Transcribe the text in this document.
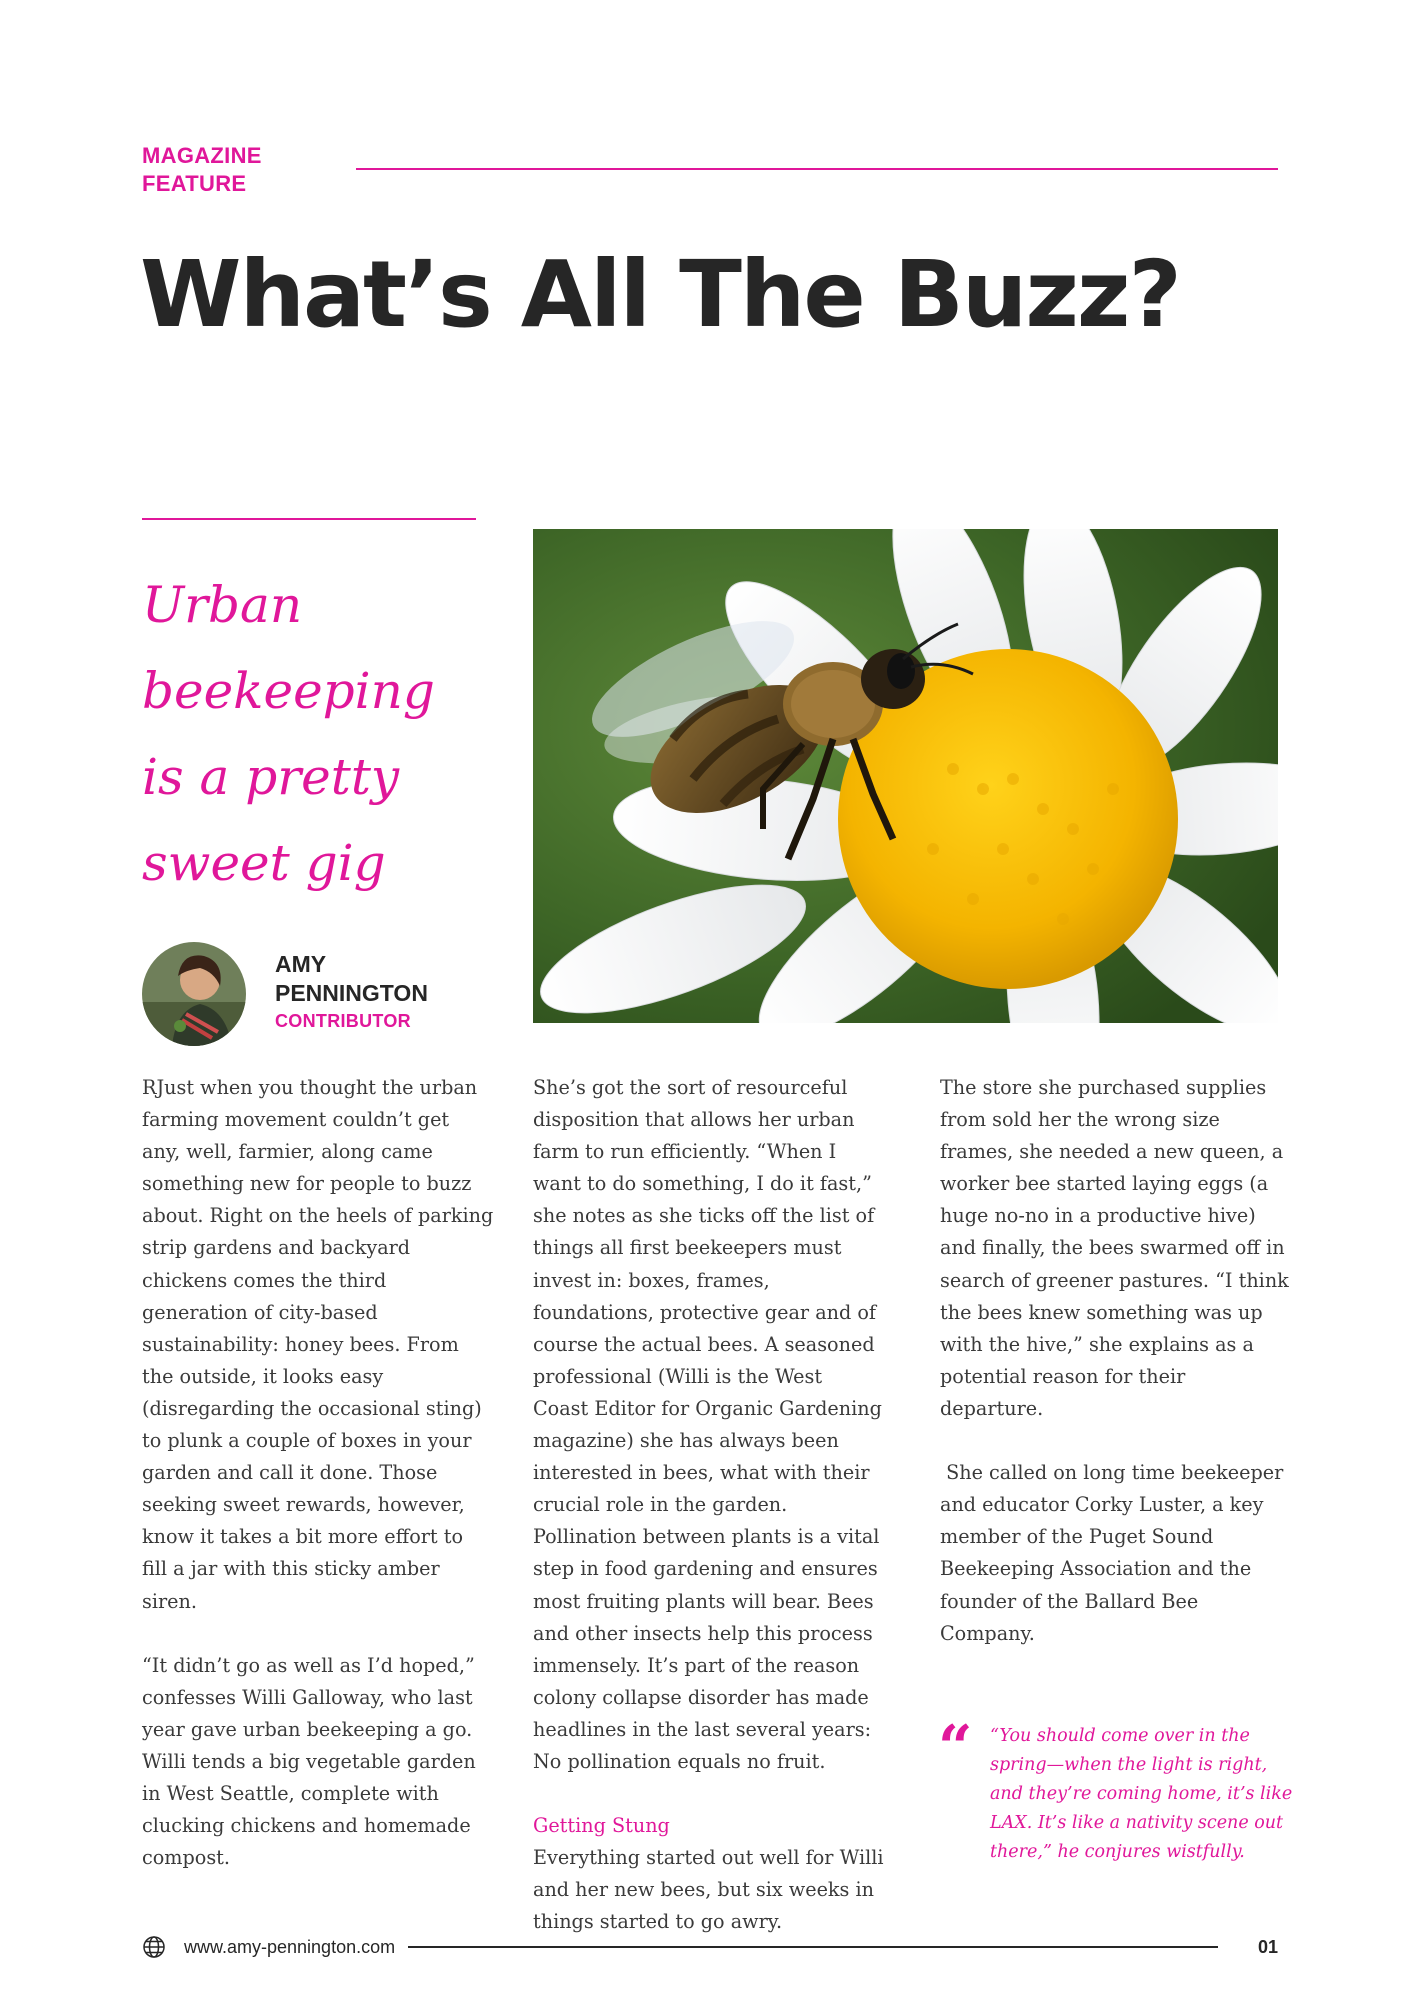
MAGAZINE
FEATURE
What’s All The Buzz?
Urban
beekeeping
is a pretty
sweet gig
AMY
PENNINGTON
CONTRIBUTOR

RJust when you thought the urban
farming movement couldn’t get
any, well, farmier, along came
something new for people to buzz
about. Right on the heels of parking
strip gardens and backyard
chickens comes the third
generation of city-based
sustainability: honey bees. From
the outside, it looks easy
(disregarding the occasional sting)
to plunk a couple of boxes in your
garden and call it done. Those
seeking sweet rewards, however,
know it takes a bit more effort to
fill a jar with this sticky amber
siren.

“It didn’t go as well as I’d hoped,”
confesses Willi Galloway, who last
year gave urban beekeeping a go.
Willi tends a big vegetable garden
in West Seattle, complete with
clucking chickens and homemade
compost.

She’s got the sort of resourceful
disposition that allows her urban
farm to run efficiently. “When I
want to do something, I do it fast,”
she notes as she ticks off the list of
things all first beekeepers must
invest in: boxes, frames,
foundations, protective gear and of
course the actual bees. A seasoned
professional (Willi is the West
Coast Editor for Organic Gardening
magazine) she has always been
interested in bees, what with their
crucial role in the garden.
Pollination between plants is a vital
step in food gardening and ensures
most fruiting plants will bear. Bees
and other insects help this process
immensely. It’s part of the reason
colony collapse disorder has made
headlines in the last several years:
No pollination equals no fruit.

Getting Stung

Everything started out well for Willi
and her new bees, but six weeks in
things started to go awry.

The store she purchased supplies
from sold her the wrong size
frames, she needed a new queen, a
worker bee started laying eggs (a
huge no-no in a productive hive)
and finally, the bees swarmed off in
search of greener pastures. “I think
the bees knew something was up
with the hive,” she explains as a
potential reason for their
departure.

She called on long time beekeeper
and educator Corky Luster, a key
member of the Puget Sound
Beekeeping Association and the
founder of the Ballard Bee
Company.

“ “You should come over in the
spring—when the light is right,
and they’re coming home, it’s like
LAX. It’s like a nativity scene out
there,” he conjures wistfully.
www.amy-pennington.com	01
